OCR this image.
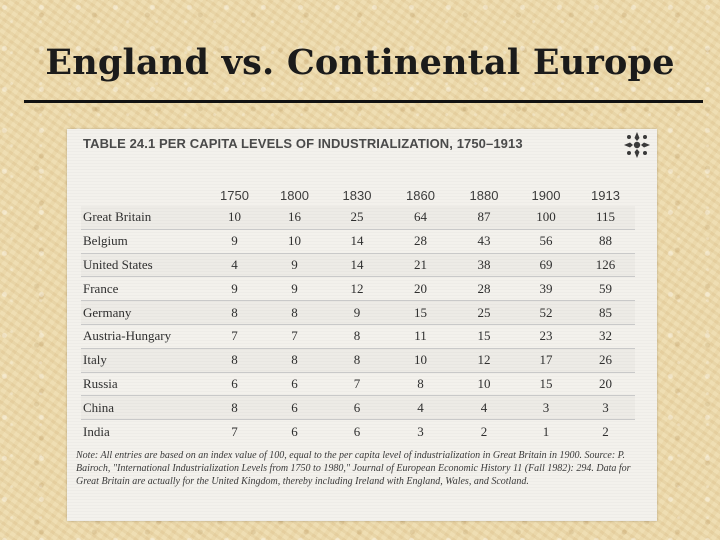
England vs. Continental Europe
TABLE 24.1 PER CAPITA LEVELS OF INDUSTRIALIZATION, 1750–1913
	1750	1800	1830	1860	1880	1900	1913
Great Britain	10	16	25	64	87	100	115
Belgium	9	10	14	28	43	56	88
United States	4	9	14	21	38	69	126
France	9	9	12	20	28	39	59
Germany	8	8	9	15	25	52	85
Austria-Hungary	7	7	8	11	15	23	32
Italy	8	8	8	10	12	17	26
Russia	6	6	7	8	10	15	20
China	8	6	6	4	4	3	3
India	7	6	6	3	2	1	2
Note: All entries are based on an index value of 100, equal to the per capita level of industrialization in Great Britain in 1900. Source: P. Bairoch, "International Industrialization Levels from 1750 to 1980," Journal of European Economic History 11 (Fall 1982): 294. Data for Great Britain are actually for the United Kingdom, thereby including Ireland with England, Wales, and Scotland.
